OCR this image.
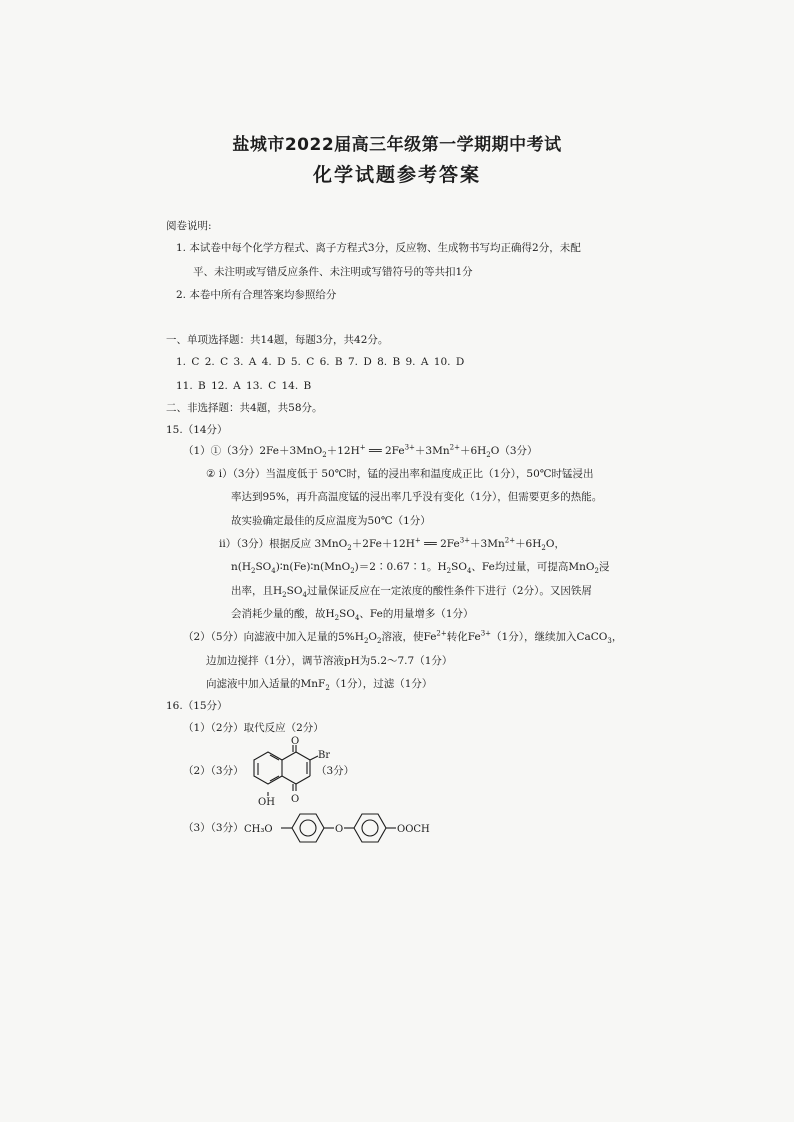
盐城市2022届高三年级第一学期期中考试
化学试题参考答案
阅卷说明:
1. 本试卷中每个化学方程式、离子方程式3分，反应物、生成物书写均正确得2分，未配
平、未注明或写错反应条件、未注明或写错符号的等共扣1分
2. 本卷中所有合理答案均参照给分
一、单项选择题：共14题，每题3分，共42分。
1. C 2. C 3. A 4. D 5. C 6. B 7. D 8. B 9. A 10. D
11. B 12. A 13. C 14. B
二、非选择题：共4题，共58分。
15.（14分）
（1）①（3分）2Fe＋3MnO$_2$＋12H+ ══ $2Fe^{3+}+3Mn^{2+}+6H_2O(3$分）
② i）（3分）当温度低于 50℃时，锰的浸出率和温度成正比（1分），50℃时锰浸出
率达到95%，再升高温度锰的浸出率几乎没有变化（1分），但需要更多的热能。
故实验确定最佳的反应温度为50℃（1分）
ii）（3分）根据反应 3MnO$_2$＋2Fe＋12H+ ══ $2Fe^{3+}+3Mn^{2+}+6H_2O$，
$n(H_2SO_4)∶n(Fe)∶n(MnO_2)=2∶0.67∶1$。$H_2SO_4$、Fe均过量，可提高MnO$_2$浸
出率，且$H_2SO_4$过量保证反应在一定浓度的酸性条件下进行（2分）。又因铁屑
会消耗少量的酸，故$H_2SO_4$、Fe的用量增多（1分）
（2）（5分）向滤液中加入足量的$5\%H_2O_2$溶液，使$Fe^{2+}$转化$Fe^{3+}(1$分），继续加入CaCO$_3$，
边加边搅拌（1分），调节溶液pH为5.2～7.7（1分）
向滤液中加入适量的MnF$_2$（1分），过滤（1分）
16.（15分）
（1）（2分）取代反应（2分）
（2）（3分）
O
O
Br
OH
（3分）
（3）（3分） CH₃O	O	OOCH
